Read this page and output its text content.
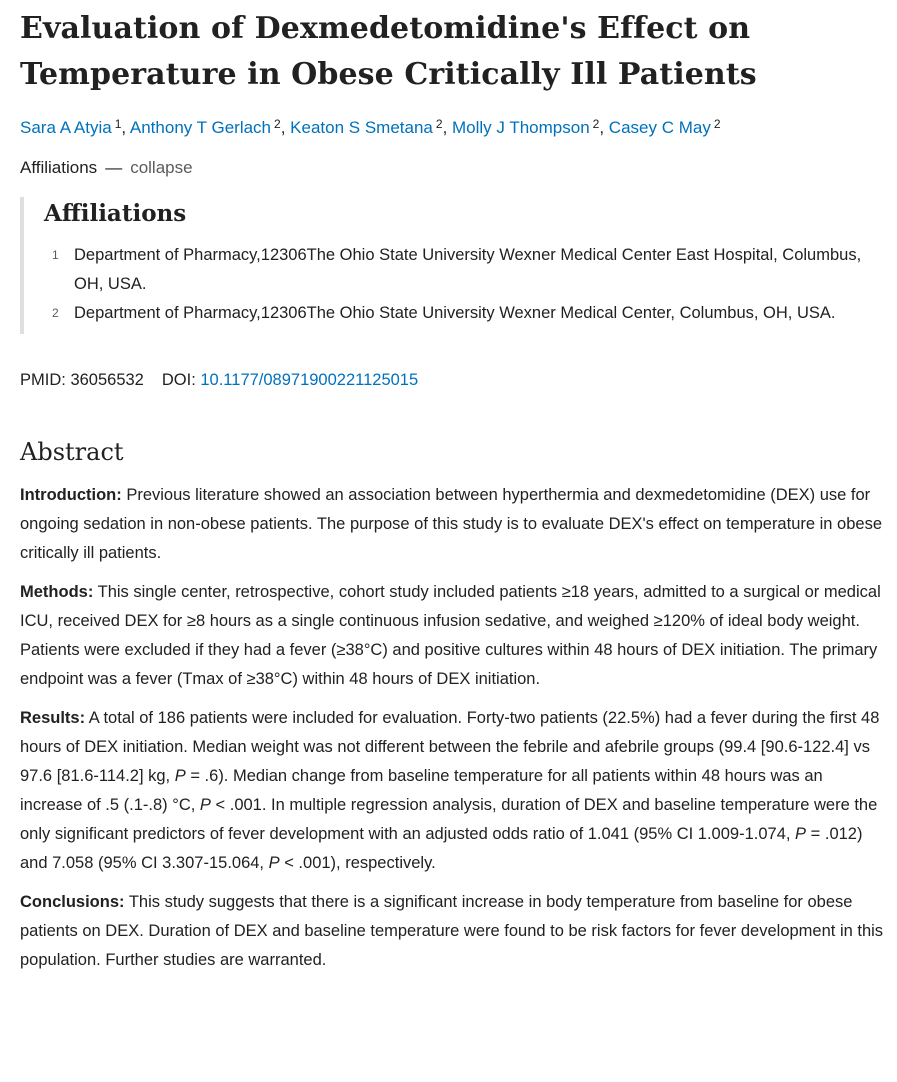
Evaluation of Dexmedetomidine's Effect on Temperature in Obese Critically Ill Patients
Sara A Atyia $^1$, Anthony T Gerlach $^2$, Keaton S Smetana $^2$, Molly J Thompson $^2$, Casey C May $^2$
Affiliations — collapse
Affiliations
1 Department of Pharmacy,12306The Ohio State University Wexner Medical Center East Hospital, Columbus, OH, USA.
2 Department of Pharmacy,12306The Ohio State University Wexner Medical Center, Columbus, OH, USA.
PMID: 36056532 DOI: 10.1177/08971900221125015
Abstract

Introduction: Previous literature showed an association between hyperthermia and dexmedetomidine (DEX) use for ongoing sedation in non-obese patients. The purpose of this study is to evaluate DEX's effect on temperature in obese critically ill patients.

Methods: This single center, retrospective, cohort study included patients ≥18 years, admitted to a surgical or medical ICU, received DEX for ≥8 hours as a single continuous infusion sedative, and weighed ≥120% of ideal body weight. Patients were excluded if they had a fever (≥38°C) and positive cultures within 48 hours of DEX initiation. The primary endpoint was a fever (Tmax of ≥38°C) within 48 hours of DEX initiation.

Results: A total of 186 patients were included for evaluation. Forty-two patients (22.5%) had a fever during the first 48 hours of DEX initiation. Median weight was not different between the febrile and afebrile groups (99.4 [90.6-122.4] vs 97.6 [81.6-114.2] kg, P = .6). Median change from baseline temperature for all patients within 48 hours was an increase of .5 (.1-.8) °C, P < .001. In multiple regression analysis, duration of DEX and baseline temperature were the only significant predictors of fever development with an adjusted odds ratio of 1.041 (95% CI 1.009-1.074, P = .012) and 7.058 (95% CI 3.307-15.064, P < .001), respectively.

Conclusions: This study suggests that there is a significant increase in body temperature from baseline for obese patients on DEX. Duration of DEX and baseline temperature were found to be risk factors for fever development in this population. Further studies are warranted.
